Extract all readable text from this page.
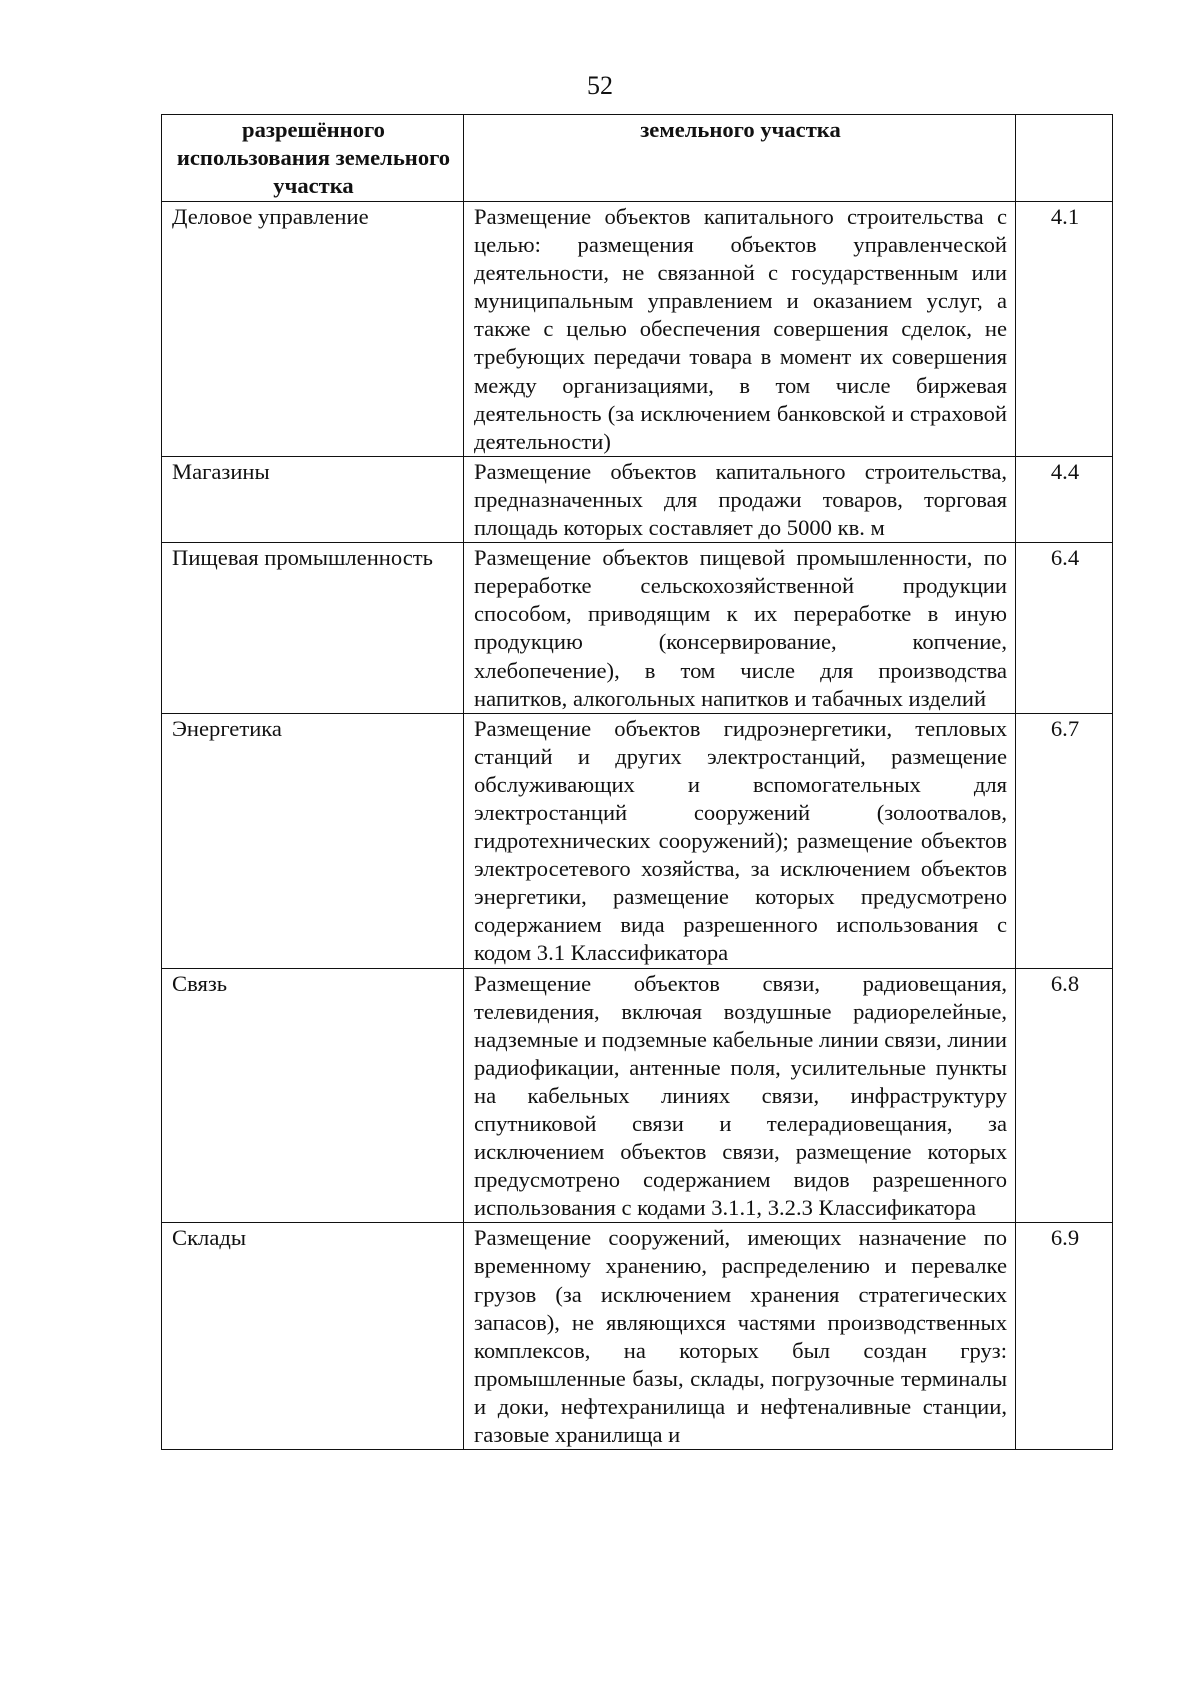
52
разрешённого использования земельного участка	земельного участка	
Деловое управление	Размещение объектов капитального строительства с целью: размещения объектов управленческой деятельности, не связанной с государственным или муниципальным управлением и оказанием услуг, а также с целью обеспечения совершения сделок, не требующих передачи товара в момент их совершения между организациями, в том числе биржевая деятельность (за исключением банковской и страховой деятельности)	4.1
Магазины	Размещение объектов капитального строительства, предназначенных для продажи товаров, торговая площадь которых составляет до 5000 кв. м	4.4
Пищевая промышленность	Размещение объектов пищевой промышленности, по переработке сельскохозяйственной продукции способом, приводящим к их переработке в иную продукцию (консервирование, копчение, хлебопечение), в том числе для производства напитков, алкогольных напитков и табачных изделий	6.4
Энергетика	Размещение объектов гидроэнергетики, тепловых станций и других электростанций, размещение обслуживающих и вспомогательных для электростанций сооружений (золоотвалов, гидротехнических сооружений); размещение объектов электросетевого хозяйства, за исключением объектов энергетики, размещение которых предусмотрено содержанием вида разрешенного использования с кодом 3.1 Классификатора	6.7
Связь	Размещение объектов связи, радиовещания, телевидения, включая воздушные радиорелейные, надземные и подземные кабельные линии связи, линии радиофикации, антенные поля, усилительные пункты на кабельных линиях связи, инфраструктуру спутниковой связи и телерадиовещания, за исключением объектов связи, размещение которых предусмотрено содержанием видов разрешенного использования с кодами 3.1.1, 3.2.3 Классификатора	6.8
Склады	Размещение сооружений, имеющих назначение по временному хранению, распределению и перевалке грузов (за исключением хранения стратегических запасов), не являющихся частями производственных комплексов, на которых был создан груз: промышленные базы, склады, погрузочные терминалы и доки, нефтехранилища и нефтеналивные станции, газовые хранилища и	6.9
